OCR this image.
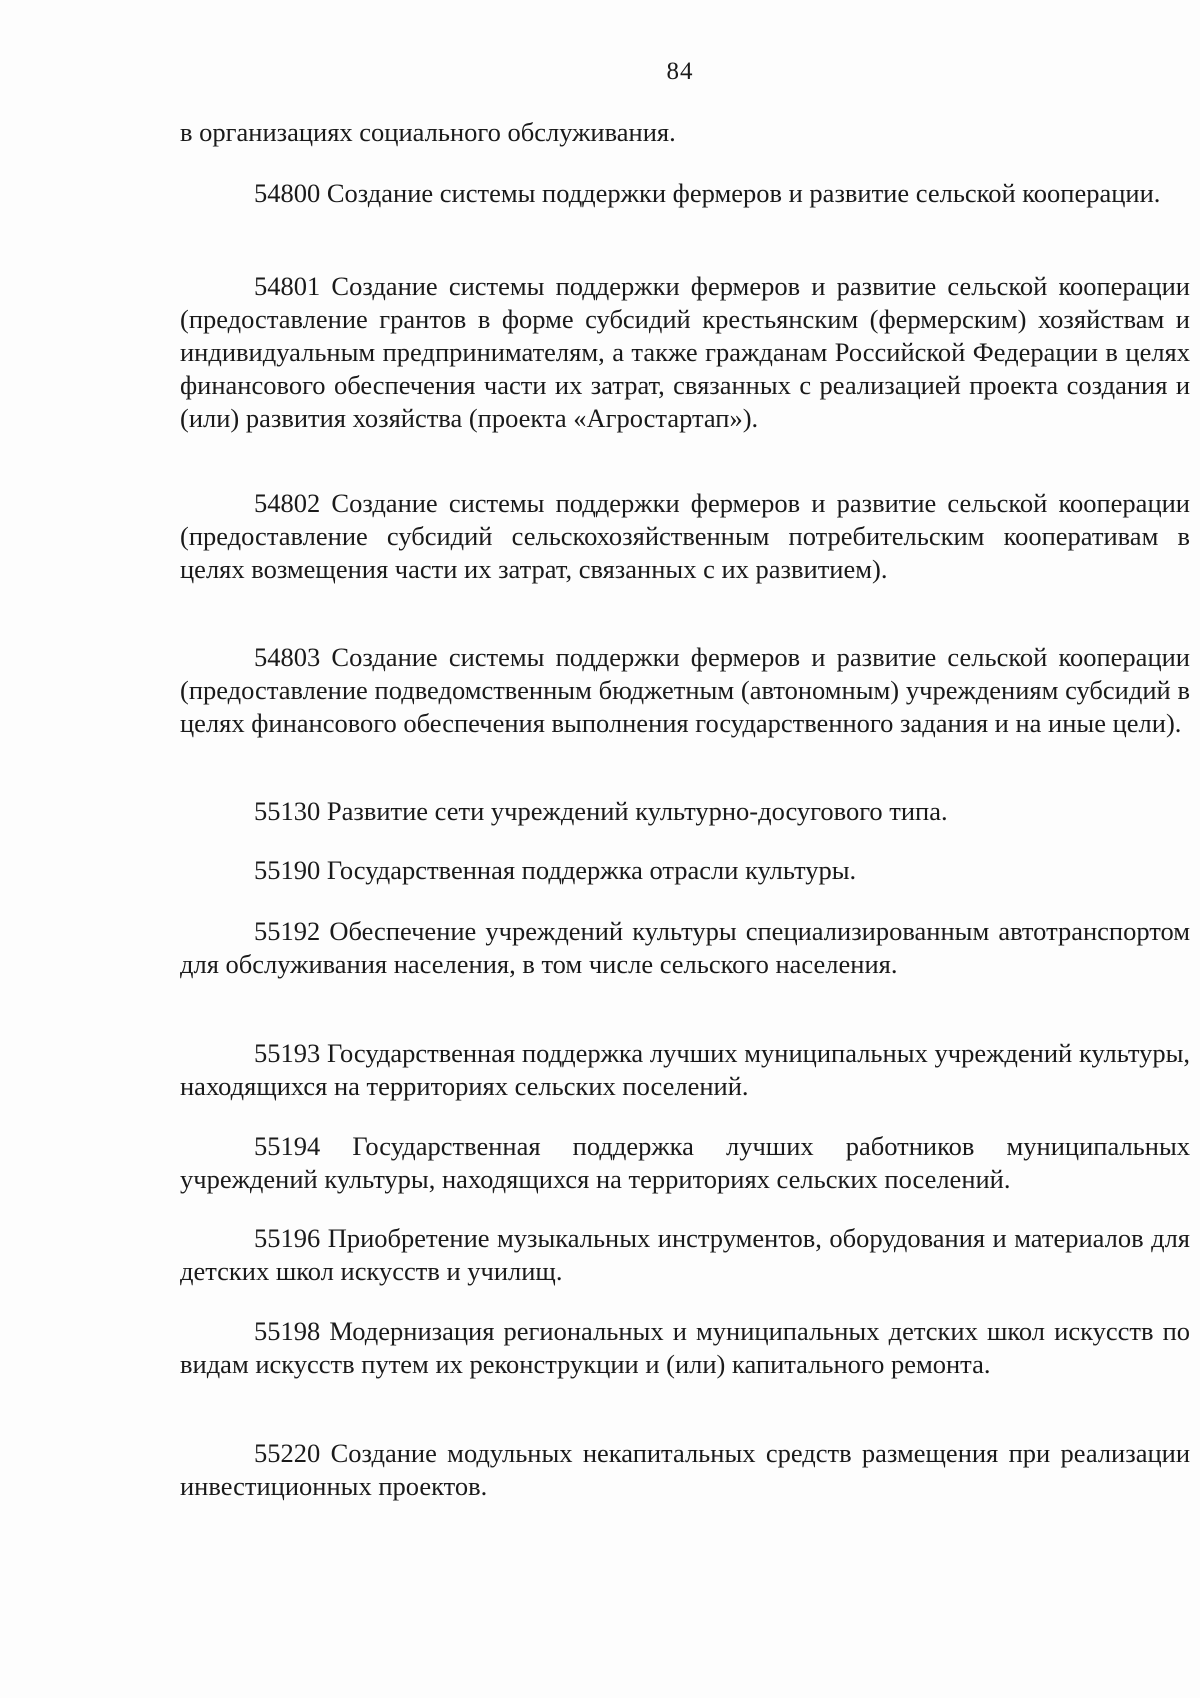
84
в организациях социального обслуживания.
54800 Создание системы поддержки фермеров и развитие сельской кооперации.
54801 Создание системы поддержки фермеров и развитие сельской кооперации (предоставление грантов в форме субсидий крестьянским (фермерским) хозяйствам и индивидуальным предпринимателям, а также гражданам Российской Федерации в целях финансового обеспечения части их затрат, связанных с реализацией проекта создания и (или) развития хозяйства (проекта «Агростартап»).
54802 Создание системы поддержки фермеров и развитие сельской кооперации (предоставление субсидий сельскохозяйственным потребительским кооперативам в целях возмещения части их затрат, связанных с их развитием).
54803 Создание системы поддержки фермеров и развитие сельской кооперации (предоставление подведомственным бюджетным (автономным) учреждениям субсидий в целях финансового обеспечения выполнения государственного задания и на иные цели).
55130 Развитие сети учреждений культурно-досугового типа.
55190 Государственная поддержка отрасли культуры.
55192 Обеспечение учреждений культуры специализированным автотранспортом для обслуживания населения, в том числе сельского населения.
55193 Государственная поддержка лучших муниципальных учреждений культуры, находящихся на территориях сельских поселений.
55194 Государственная поддержка лучших работников муниципальных учреждений культуры, находящихся на территориях сельских поселений.
55196 Приобретение музыкальных инструментов, оборудования и материалов для детских школ искусств и училищ.
55198 Модернизация региональных и муниципальных детских школ искусств по видам искусств путем их реконструкции и (или) капитального ремонта.
55220 Создание модульных некапитальных средств размещения при реализации инвестиционных проектов.
